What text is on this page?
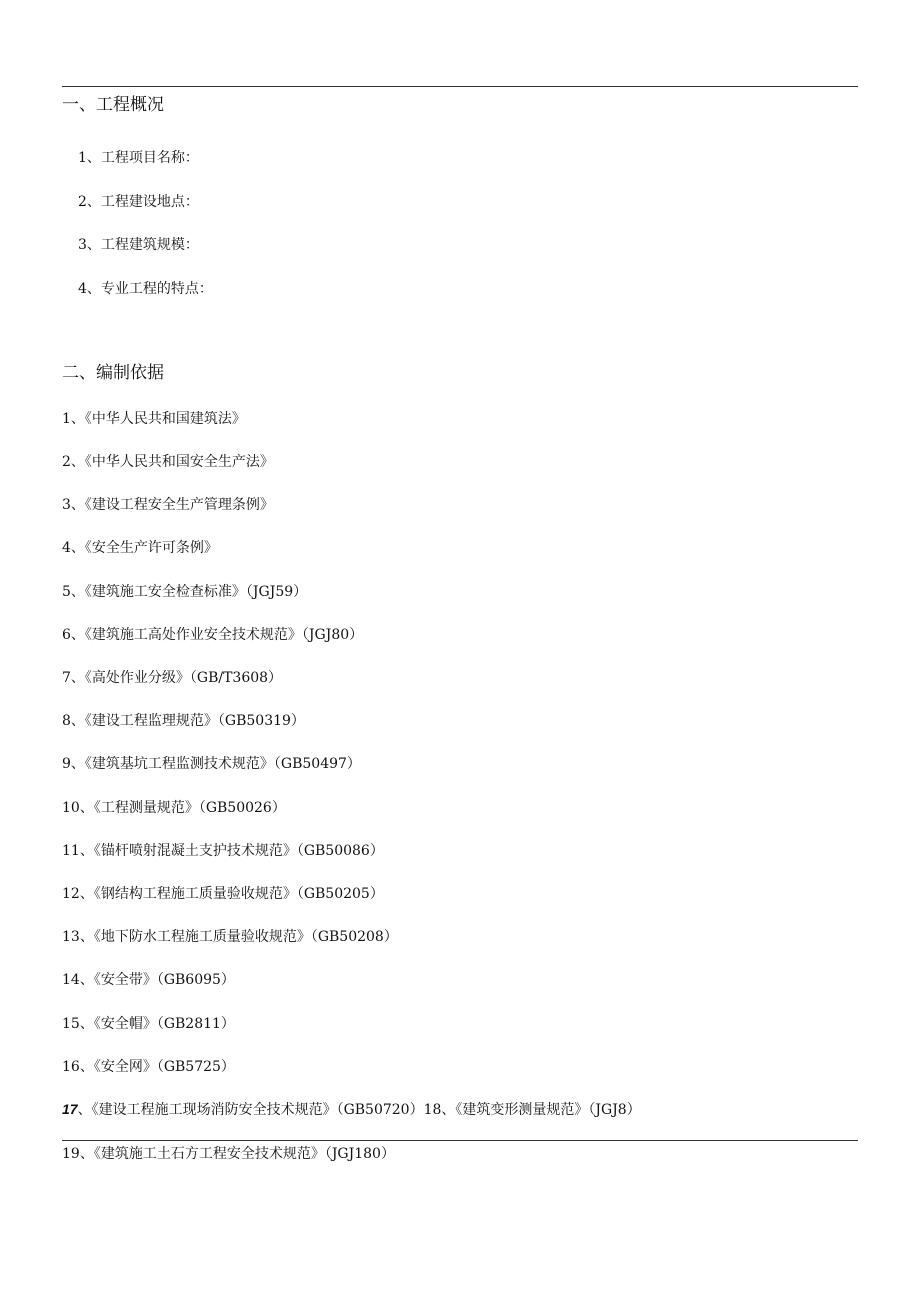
一、工程概况
1、工程项目名称：
2、工程建设地点：
3、工程建筑规模：
4、专业工程的特点：
二、编制依据
1、《中华人民共和国建筑法》
2、《中华人民共和国安全生产法》
3、《建设工程安全生产管理条例》
4、《安全生产许可条例》
5、《建筑施工安全检查标准》（JGJ59）
6、《建筑施工高处作业安全技术规范》（JGJ80）
7、《高处作业分级》（GB/T3608）
8、《建设工程监理规范》（GB50319）
9、《建筑基坑工程监测技术规范》（GB50497）
10、《工程测量规范》（GB50026）
11、《锚杆喷射混凝土支护技术规范》（GB50086）
12、《钢结构工程施工质量验收规范》（GB50205）
13、《地下防水工程施工质量验收规范》（GB50208）
14、《安全带》（GB6095）
15、《安全帽》（GB2811）
16、《安全网》（GB5725）
17、《建设工程施工现场消防安全技术规范》（GB50720）18、《建筑变形测量规范》（JGJ8）
19、《建筑施工土石方工程安全技术规范》（JGJ180）
